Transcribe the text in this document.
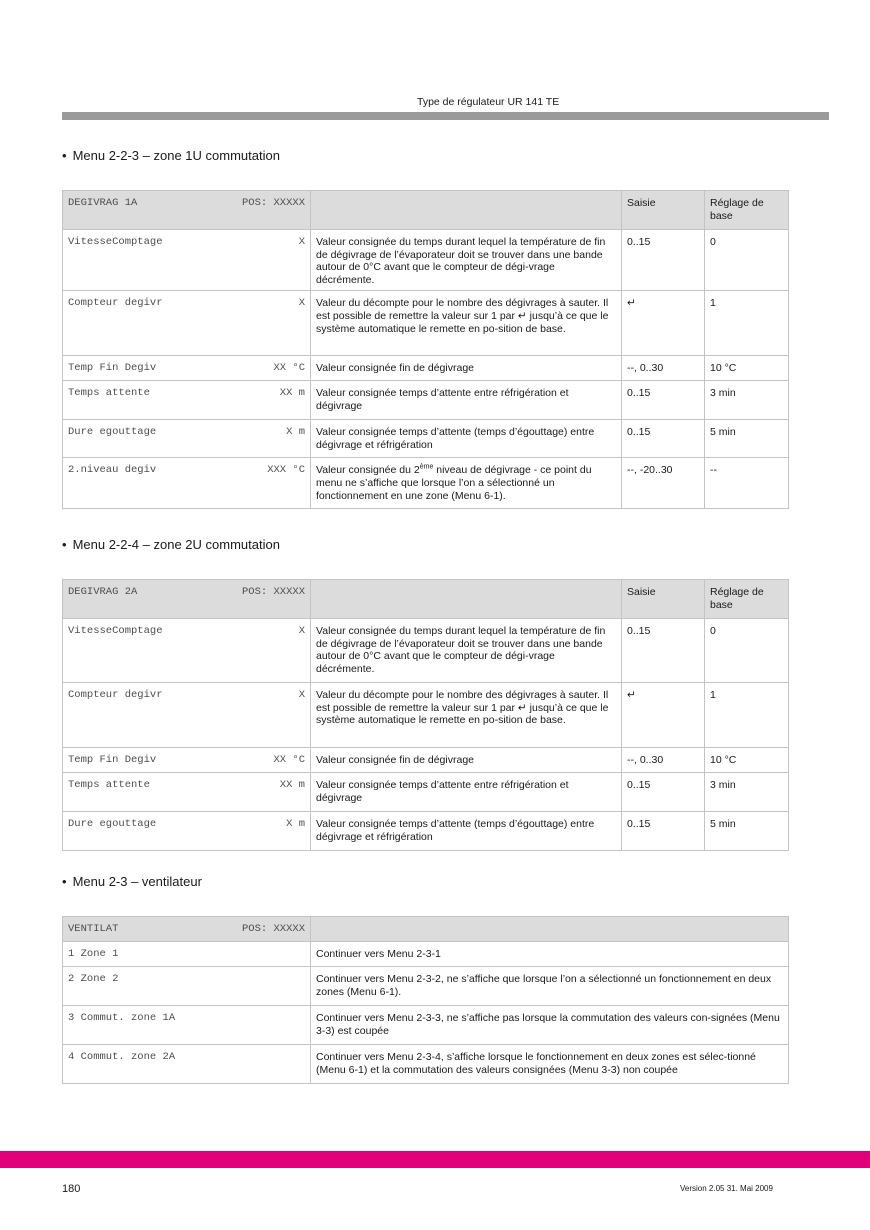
Type de régulateur UR 141 TE
• Menu 2-2-3 – zone 1U commutation
DEGIVRAG 1A POS: XXXXX		Saisie	Réglage de base

VitesseComptage X	Valeur consignée du temps durant lequel la température de fin de dégivrage de l’évaporateur doit se trouver dans une bande autour de 0°C avant que le compteur de dégi-vrage décrémente.	0..15	0

Compteur degivr X	Valeur du décompte pour le nombre des dégivrages à sauter. Il est possible de remettre la valeur sur 1 par ↵ jusqu’à ce que le système automatique le remette en po-sition de base.	↵	1

Temp Fin Degiv XX °C	Valeur consignée fin de dégivrage	--, 0..30	10 °C

Temps attente XX m	Valeur consignée temps d’attente entre réfrigération et dégivrage	0..15	3 min

Dure egouttage X m	Valeur consignée temps d’attente (temps d’égouttage) entre dégivrage et réfrigération	0..15	5 min

2.niveau degiv XXX °C	Valeur consignée du 2ème niveau de dégivrage - ce point du menu ne s’affiche que lorsque l’on a sélectionné un fonctionnement en une zone (Menu 6-1).	--, -20..30	--
• Menu 2-2-4 – zone 2U commutation
DEGIVRAG 2A POS: XXXXX		Saisie	Réglage de base

VitesseComptage X	Valeur consignée du temps durant lequel la température de fin de dégivrage de l’évaporateur doit se trouver dans une bande autour de 0°C avant que le compteur de dégi-vrage décrémente.	0..15	0

Compteur degivr X	Valeur du décompte pour le nombre des dégivrages à sauter. Il est possible de remettre la valeur sur 1 par ↵ jusqu’à ce que le système automatique le remette en po-sition de base.	↵	1

Temp Fin Degiv XX °C	Valeur consignée fin de dégivrage	--, 0..30	10 °C

Temps attente XX m	Valeur consignée temps d’attente entre réfrigération et dégivrage	0..15	3 min

Dure egouttage X m	Valeur consignée temps d’attente (temps d’égouttage) entre dégivrage et réfrigération	0..15	5 min
• Menu 2-3 – ventilateur
VENTILAT POS: XXXXX	

1 Zone 1	Continuer vers Menu 2-3-1
2 Zone 2	Continuer vers Menu 2-3-2, ne s’affiche que lorsque l’on a sélectionné un fonctionnement en deux zones (Menu 6-1).
3 Commut. zone 1A	Continuer vers Menu 2-3-3, ne s’affiche pas lorsque la commutation des valeurs con-signées (Menu 3-3) est coupée
4 Commut. zone 2A	Continuer vers Menu 2-3-4, s’affiche lorsque le fonctionnement en deux zones est sélec-tionné (Menu 6-1) et la commutation des valeurs consignées (Menu 3-3) non coupée
180	Version 2.05 31. Mai 2009
